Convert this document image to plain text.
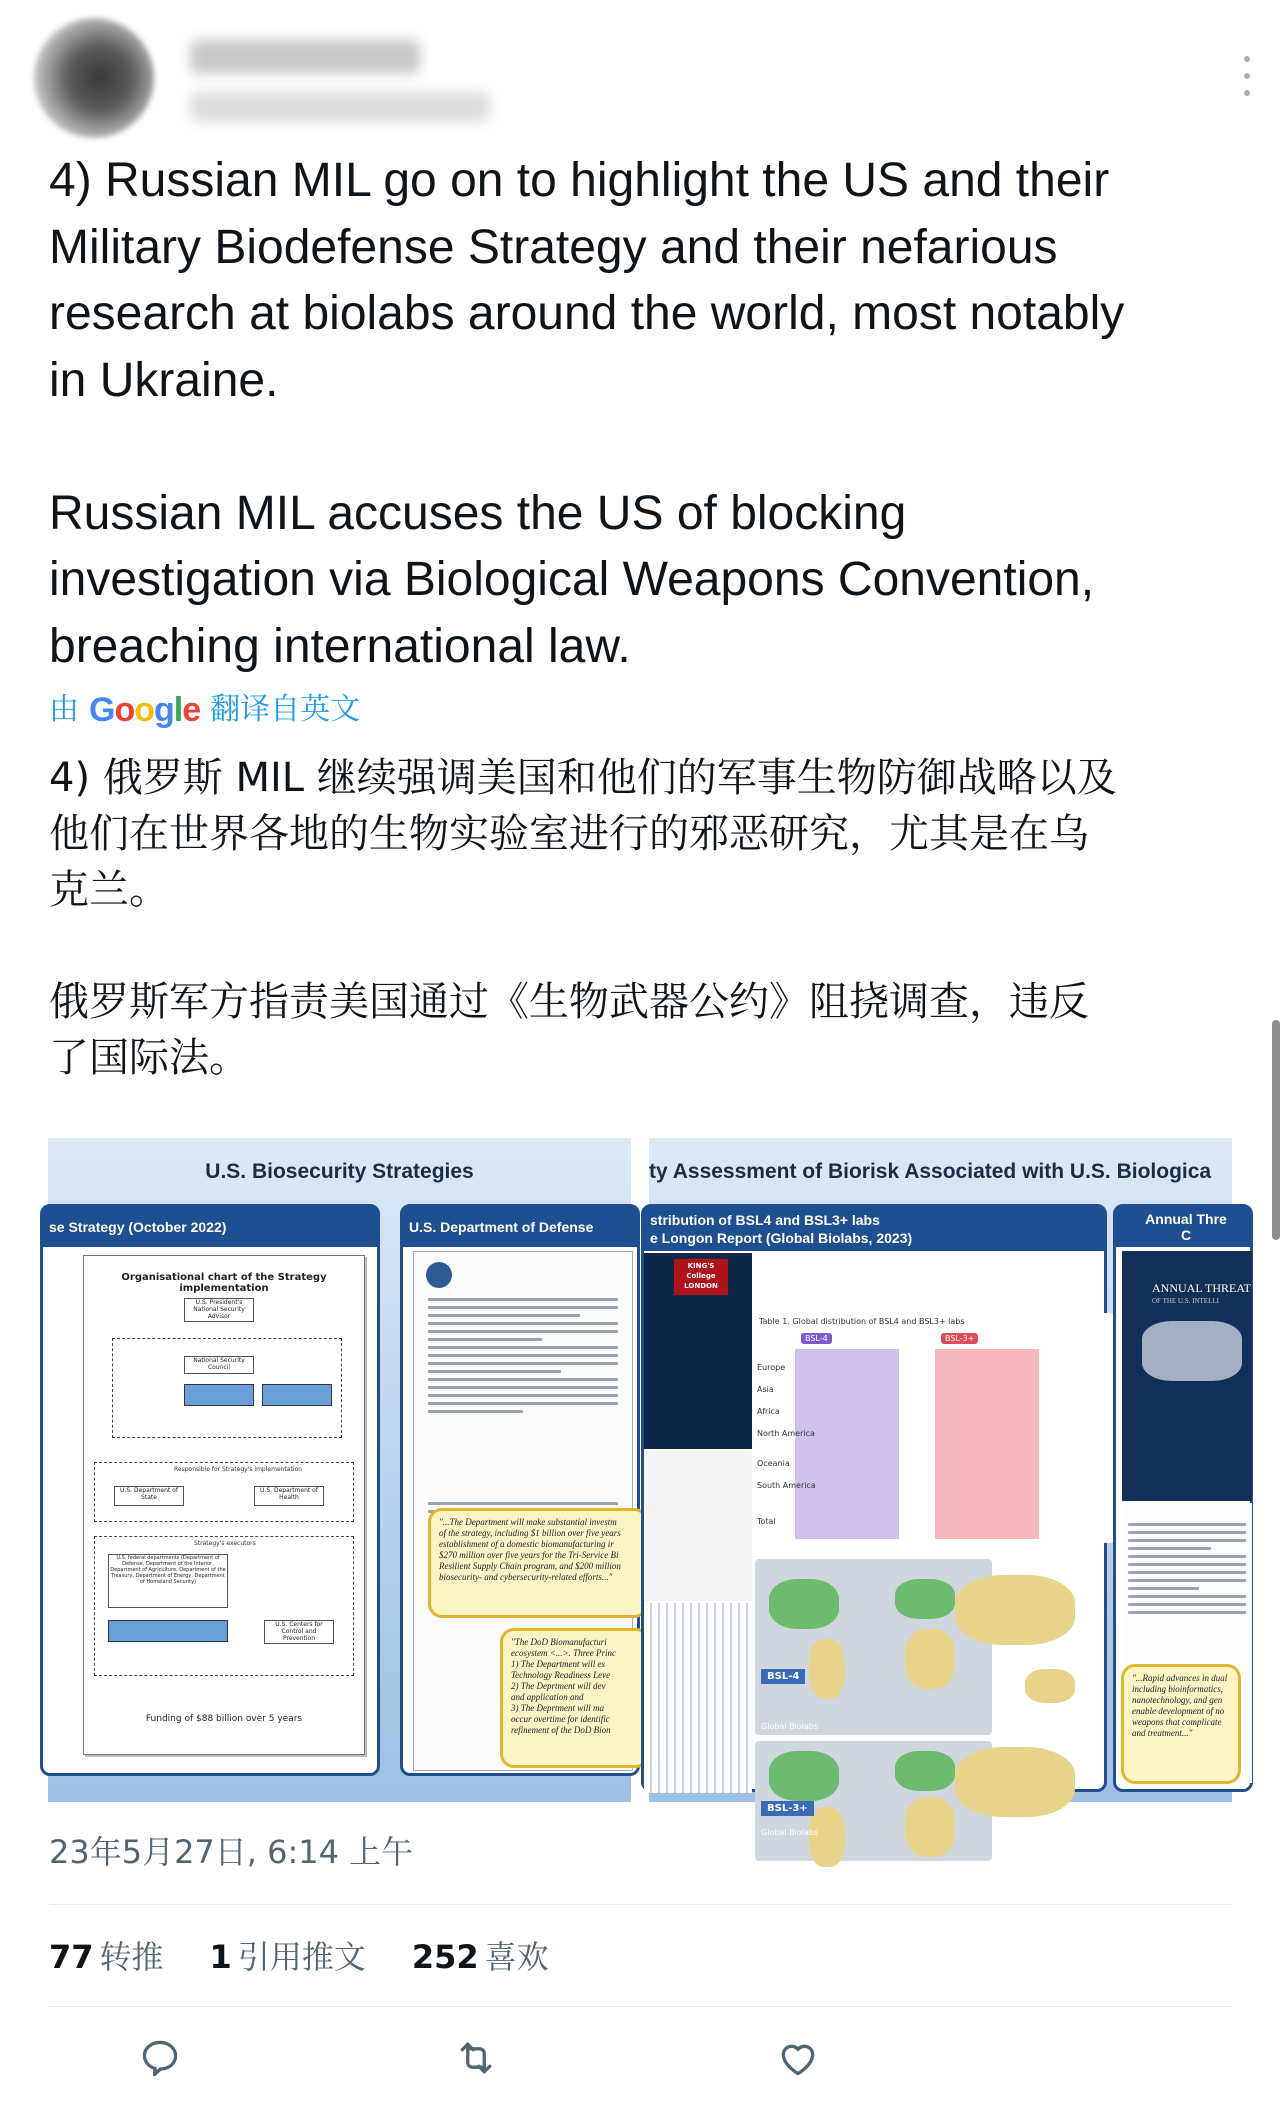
4) Russian MIL go on to highlight the US and their
Military Biodefense Strategy and their nefarious
research at biolabs around the world, most notably
in Ukraine.

Russian MIL accuses the US of blocking
investigation via Biological Weapons Convention,
breaching international law.
由 Google 翻译自英文
4) 俄罗斯 MIL 继续强调美国和他们的军事生物防御战略以及
他们在世界各地的生物实验室进行的邪恶研究，尤其是在乌
克兰。

俄罗斯军方指责美国通过《生物武器公约》阻挠调查，违反
了国际法。
U.S. Biosecurity Strategies
se Strategy (October 2022)
Organisational chart of the Strategy implementation
U.S. President's National Security Advisor
National Security Council
Responsible for Strategy's implementation
U.S. Department of State
U.S. Department of Health
Strategy's executors
U.S. federal departments (Department of Defense, Department of the Interior, Department of Agriculture, Department of the Treasury, Department of Energy, Department of Homeland Security)
U.S. Centers for Control and Prevention
Funding of $88 billion over 5 years
U.S. Department of Defense
"...The Department will make substantial investm
of the strategy, including $1 billion over five years
establishment of a domestic biomanufacturing ir
$270 million over five years for the Tri-Service Bi
Resilient Supply Chain program, and $200 million
biosecurity- and cybersecurity-related efforts..."
"The DoD Biomanufacturi
ecosystem <...>. Three Princ
1) The Department will es
Technology Readiness Leve
2) The Deprtment will dev
and application and
3) The Deprtment will ma
occur overtime for identific
refinement of the DoD Bion
ty Assessment of Biorisk Associated with U.S. Biologica
stribution of BSL4 and BSL3+ labs
e Longon Report (Global Biolabs, 2023)
KING'S College LONDON
Table 1. Global distribution of BSL4 and BSL3+ labs
BSL-4	BSL-3+
Europe
Asia
Africa
North America
Oceania
South America
Total
BSL-4
Global Biolabs
BSL-3+
Global Biolabs
Annual Thre
C
ANNUAL THREAT
OF THE U.S. INTELLI
"...Rapid advances in dual
including bioinformatics,
nanotechnology, and gen
enable development of no
weapons that complicate
and treatment..."
23年5月27日, 6:14 上午
77 转推 1 引用推文 252 喜欢
